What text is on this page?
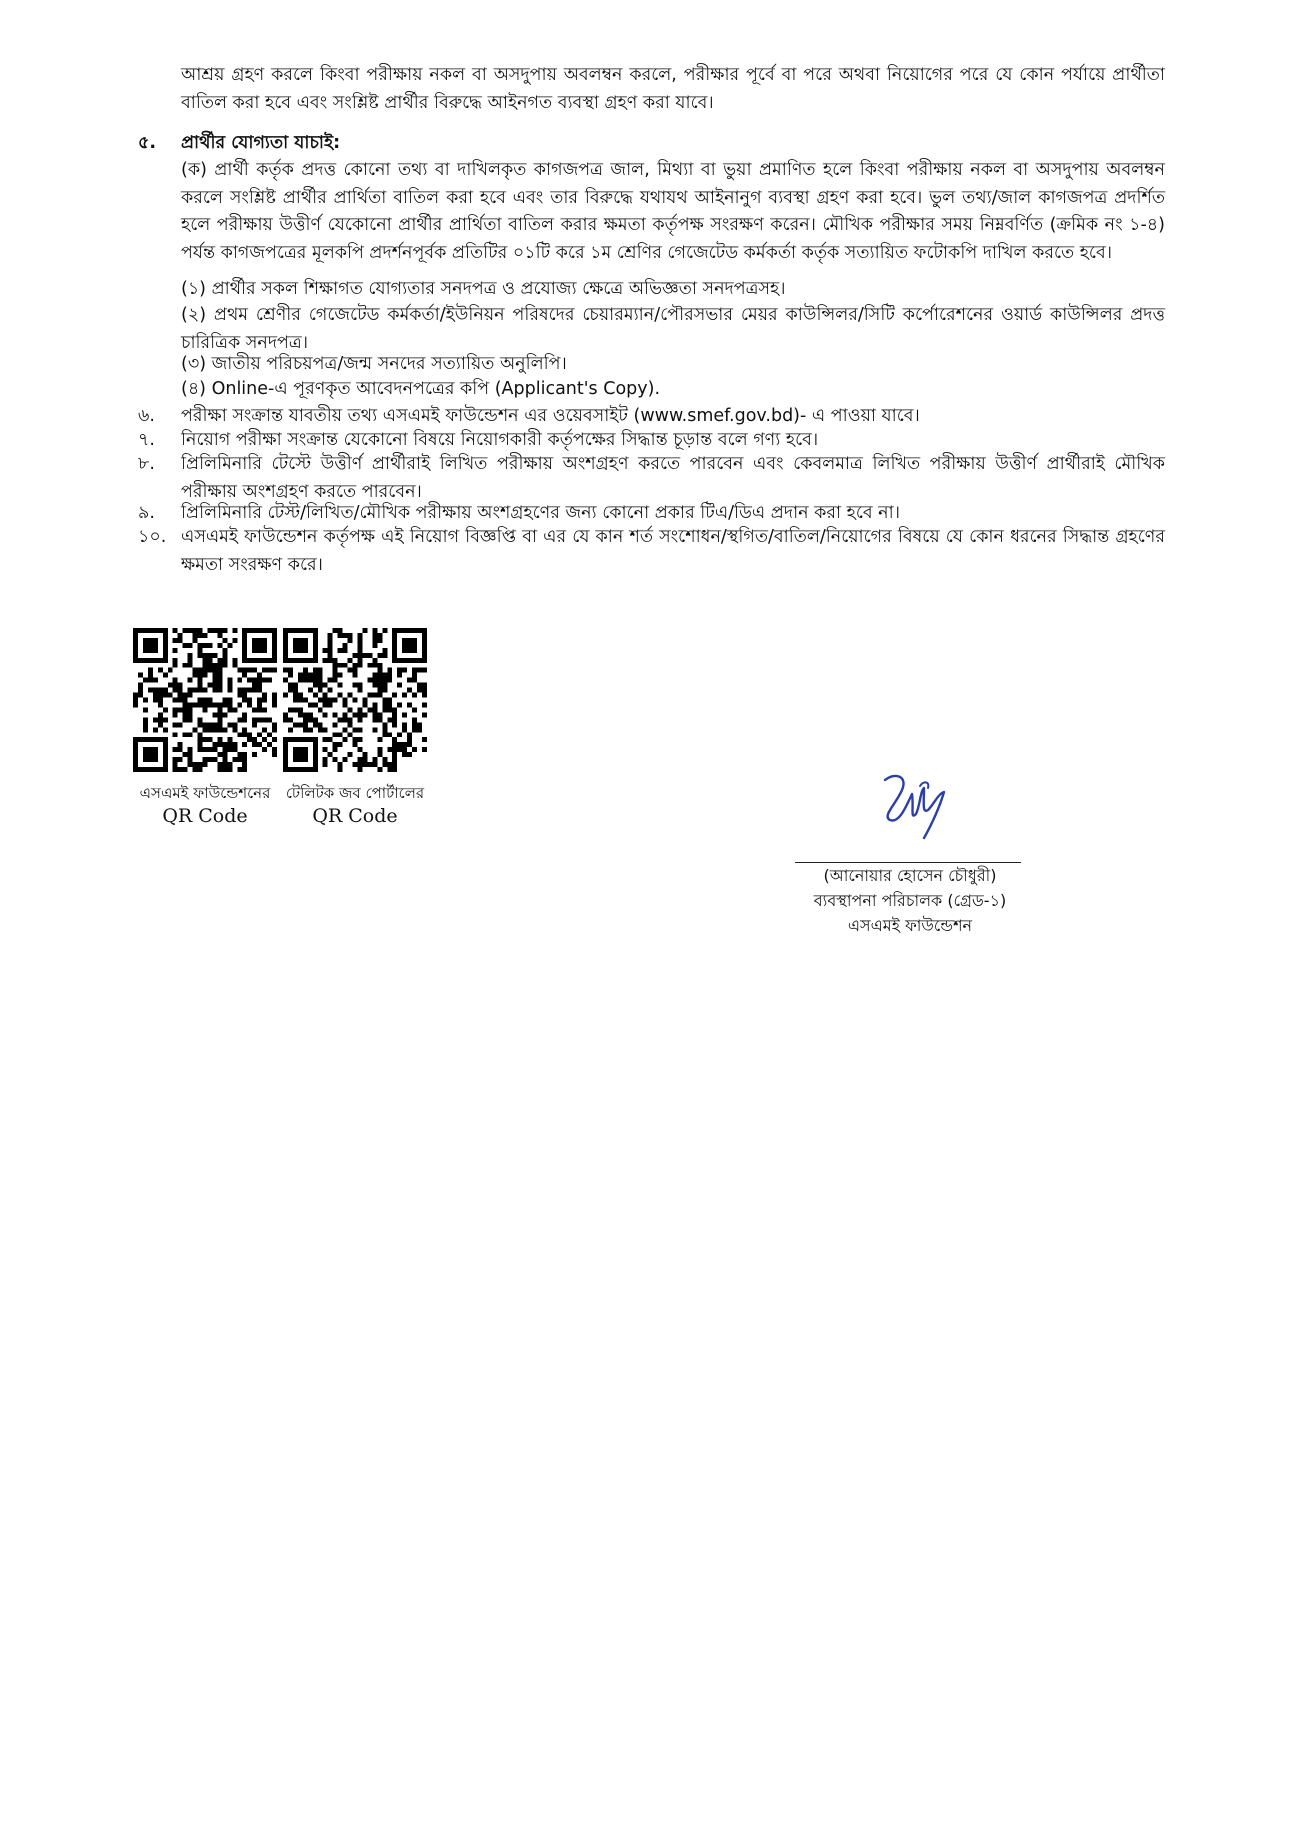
আশ্রয় গ্রহণ করলে কিংবা পরীক্ষায় নকল বা অসদুপায় অবলম্বন করলে, পরীক্ষার পূর্বে বা পরে অথবা নিয়োগের পরে যে কোন পর্যায়ে প্রার্থীতা বাতিল করা হবে এবং সংশ্লিষ্ট প্রার্থীর বিরুদ্ধে আইনগত ব্যবস্থা গ্রহণ করা যাবে।
৫.	প্রার্থীর যোগ্যতা যাচাই:
(ক) প্রার্থী কর্তৃক প্রদত্ত কোনো তথ্য বা দাখিলকৃত কাগজপত্র জাল, মিথ্যা বা ভুয়া প্রমাণিত হলে কিংবা পরীক্ষায় নকল বা অসদুপায় অবলম্বন করলে সংশ্লিষ্ট প্রার্থীর প্রার্থিতা বাতিল করা হবে এবং তার বিরুদ্ধে যথাযথ আইনানুগ ব্যবস্থা গ্রহণ করা হবে। ভুল তথ্য/জাল কাগজপত্র প্রদর্শিত হলে পরীক্ষায় উত্তীর্ণ যেকোনো প্রার্থীর প্রার্থিতা বাতিল করার ক্ষমতা কর্তৃপক্ষ সংরক্ষণ করেন। মৌখিক পরীক্ষার সময় নিম্নবর্ণিত (ক্রমিক নং ১-৪) পর্যন্ত কাগজপত্রের মূলকপি প্রদর্শনপূর্বক প্রতিটির ০১টি করে ১ম শ্রেণির গেজেটেড কর্মকর্তা কর্তৃক সত্যায়িত ফটোকপি দাখিল করতে হবে।
(১) প্রার্থীর সকল শিক্ষাগত যোগ্যতার সনদপত্র ও প্রযোজ্য ক্ষেত্রে অভিজ্ঞতা সনদপত্রসহ।
(২) প্রথম শ্রেণীর গেজেটেড কর্মকর্তা/ইউনিয়ন পরিষদের চেয়ারম্যান/পৌরসভার মেয়র কাউন্সিলর/সিটি কর্পোরেশনের ওয়ার্ড কাউন্সিলর প্রদত্ত চারিত্রিক সনদপত্র।
(৩) জাতীয় পরিচয়পত্র/জন্ম সনদের সত্যায়িত অনুলিপি।
(৪) Online-এ পূরণকৃত আবেদনপত্রের কপি (Applicant's Copy).
৬.	পরীক্ষা সংক্রান্ত যাবতীয় তথ্য এসএমই ফাউন্ডেশন এর ওয়েবসাইট (www.smef.gov.bd)- এ পাওয়া যাবে।
৭.	নিয়োগ পরীক্ষা সংক্রান্ত যেকোনো বিষয়ে নিয়োগকারী কর্তৃপক্ষের সিদ্ধান্ত চূড়ান্ত বলে গণ্য হবে।
৮.	প্রিলিমিনারি টেস্টে উত্তীর্ণ প্রার্থীরাই লিখিত পরীক্ষায় অংশগ্রহণ করতে পারবেন এবং কেবলমাত্র লিখিত পরীক্ষায় উত্তীর্ণ প্রার্থীরাই মৌখিক পরীক্ষায় অংশগ্রহণ করতে পারবেন।
৯.	প্রিলিমিনারি টেস্ট/লিখিত/মৌখিক পরীক্ষায় অংশগ্রহণের জন্য কোনো প্রকার টিএ/ডিএ প্রদান করা হবে না।
১০. এসএমই ফাউন্ডেশন কর্তৃপক্ষ এই নিয়োগ বিজ্ঞপ্তি বা এর যে কান শর্ত সংশোধন/স্থগিত/বাতিল/নিয়োগের বিষয়ে যে কোন ধরনের সিদ্ধান্ত গ্রহণের ক্ষমতা সংরক্ষণ করে।
এসএমই ফাউন্ডেশনের
QR Code
টেলিটক জব পোর্টালের
QR Code
(আনোয়ার হোসেন চৌধুরী)
ব্যবস্থাপনা পরিচালক (গ্রেড-১)
এসএমই ফাউন্ডেশন
